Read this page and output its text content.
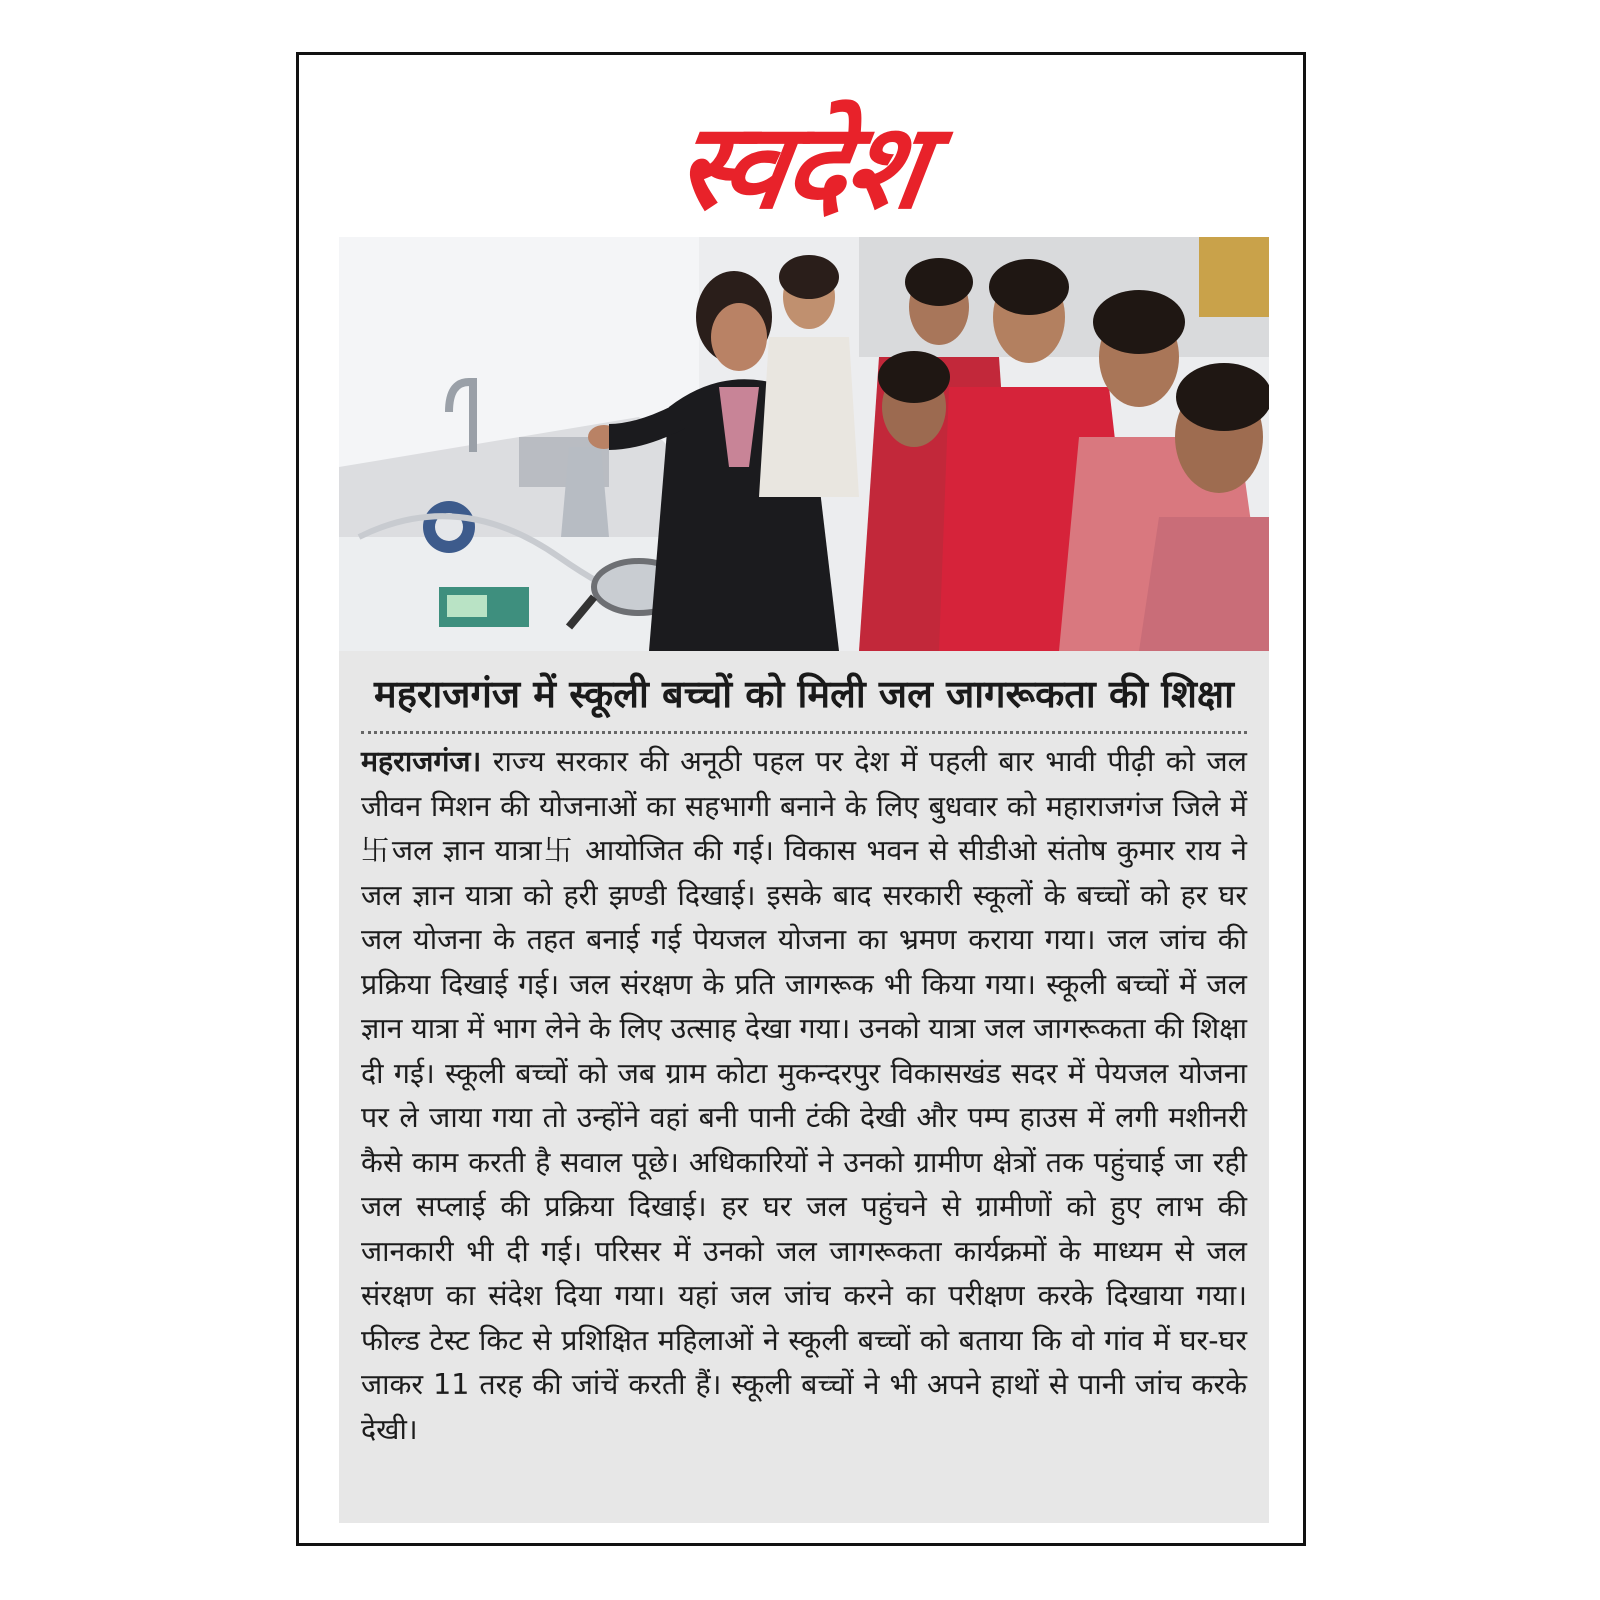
स्वदेश
महराजगंज में स्कूली बच्चों को मिली जल जागरूकता की शिक्षा

महराजगंज। राज्य सरकार की अनूठी पहल पर देश में पहली बार भावी पीढ़ी को जल जीवन मिशन की योजनाओं का सहभागी बनाने के लिए बुधवार को महाराजगंज जिले में 卐जल ज्ञान यात्रा卐 आयोजित की गई। विकास भवन से सीडीओ संतोष कुमार राय ने जल ज्ञान यात्रा को हरी झण्डी दिखाई। इसके बाद सरकारी स्कूलों के बच्चों को हर घर जल योजना के तहत बनाई गई पेयजल योजना का भ्रमण कराया गया। जल जांच की प्रक्रिया दिखाई गई। जल संरक्षण के प्रति जागरूक भी किया गया। स्कूली बच्चों में जल ज्ञान यात्रा में भाग लेने के लिए उत्साह देखा गया। उनको यात्रा जल जागरूकता की शिक्षा दी गई। स्कूली बच्चों को जब ग्राम कोटा मुकन्दरपुर विकासखंड सदर में पेयजल योजना पर ले जाया गया तो उन्होंने वहां बनी पानी टंकी देखी और पम्प हाउस में लगी मशीनरी कैसे काम करती है सवाल पूछे। अधिकारियों ने उनको ग्रामीण क्षेत्रों तक पहुंचाई जा रही जल सप्लाई की प्रक्रिया दिखाई। हर घर जल पहुंचने से ग्रामीणों को हुए लाभ की जानकारी भी दी गई। परिसर में उनको जल जागरूकता कार्यक्रमों के माध्यम से जल संरक्षण का संदेश दिया गया। यहां जल जांच करने का परीक्षण करके दिखाया गया। फील्ड टेस्ट किट से प्रशिक्षित महिलाओं ने स्कूली बच्चों को बताया कि वो गांव में घर-घर जाकर 11 तरह की जांचें करती हैं। स्कूली बच्चों ने भी अपने हाथों से पानी जांच करके देखी।
